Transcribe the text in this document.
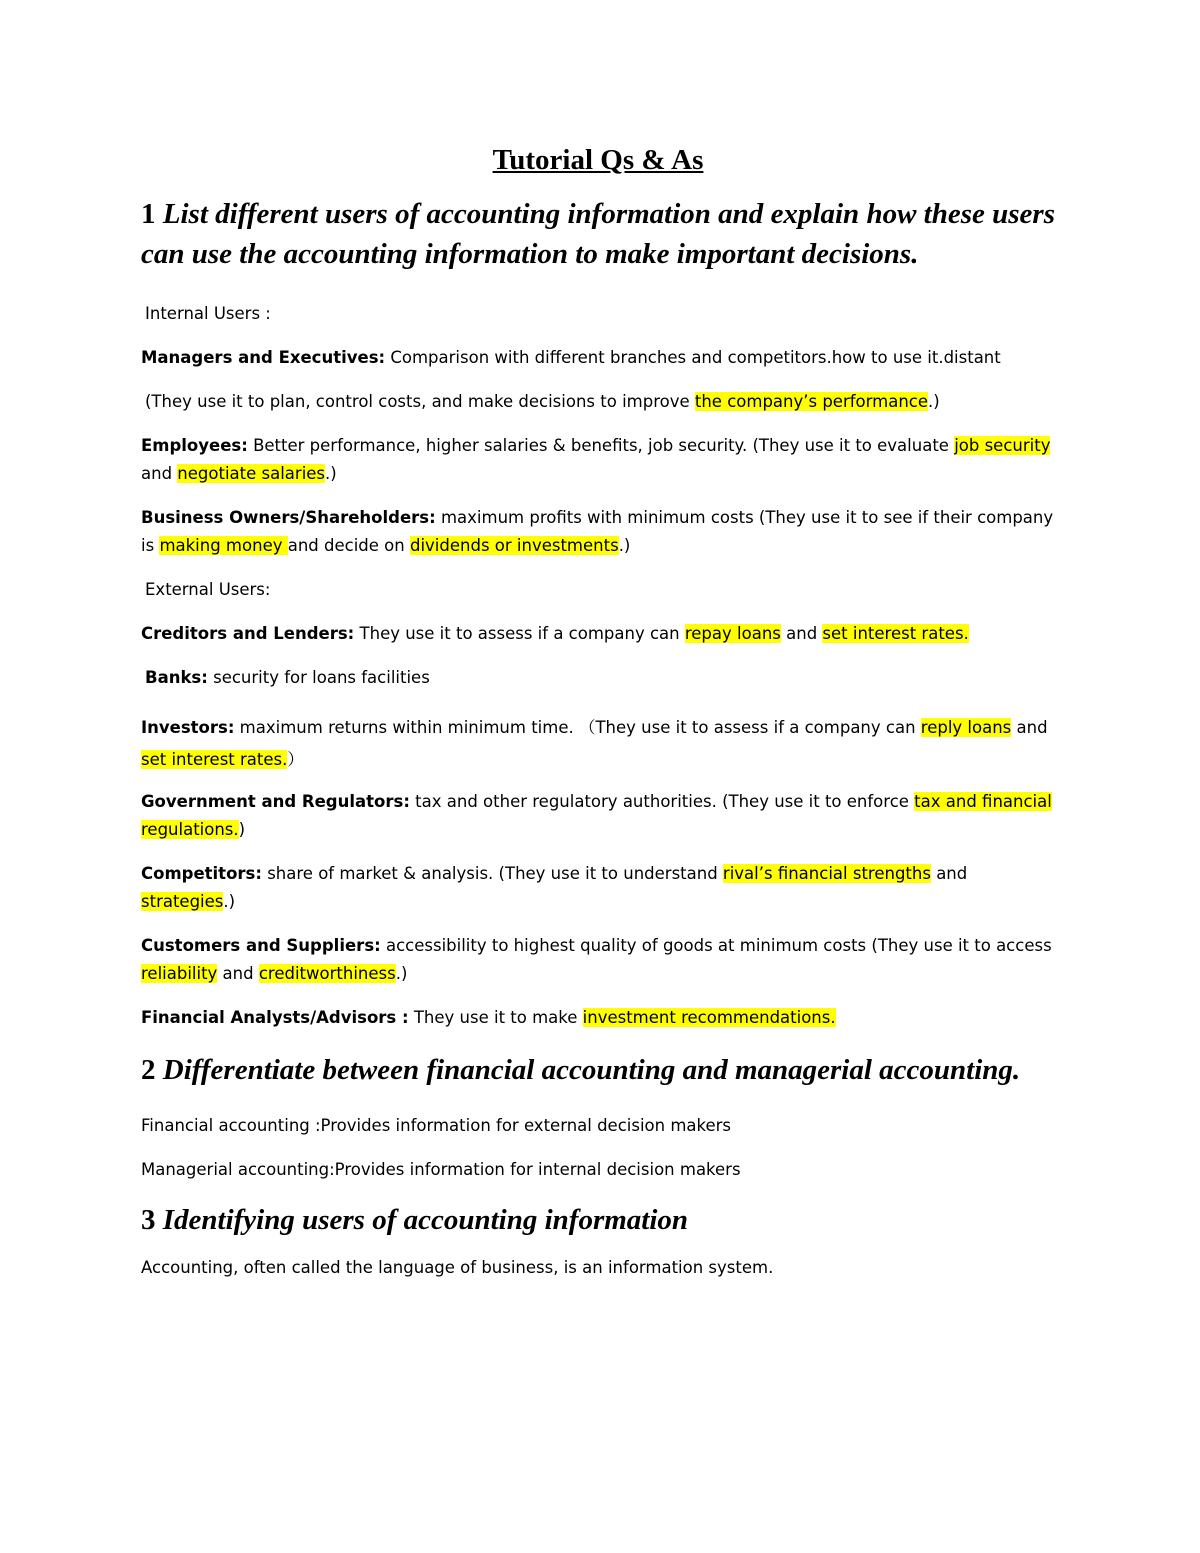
Tutorial Qs & As
1 List different users of accounting information and explain how these users can use the accounting information to make important decisions.

Internal Users :

Managers and Executives: Comparison with different branches and competitors.how to use it.distant

(They use it to plan, control costs, and make decisions to improve the company’s performance.)

Employees: Better performance, higher salaries & benefits, job security. (They use it to evaluate job security and negotiate salaries.)

Business Owners/Shareholders: maximum profits with minimum costs (They use it to see if their company is making money and decide on dividends or investments.)

External Users:

Creditors and Lenders: They use it to assess if a company can repay loans and set interest rates.

Banks: security for loans facilities

Investors: maximum returns within minimum time. （They use it to assess if a company can reply loans and set interest rates.）

Government and Regulators: tax and other regulatory authorities. (They use it to enforce tax and financial regulations.)

Competitors: share of market & analysis. (They use it to understand rival’s financial strengths and strategies.)

Customers and Suppliers: accessibility to highest quality of goods at minimum costs (They use it to access reliability and creditworthiness.)

Financial Analysts/Advisors : They use it to make investment recommendations.

2 Differentiate between financial accounting and managerial accounting.

Financial accounting :Provides information for external decision makers

Managerial accounting:Provides information for internal decision makers

3 Identifying users of accounting information

Accounting, often called the language of business, is an information system.
